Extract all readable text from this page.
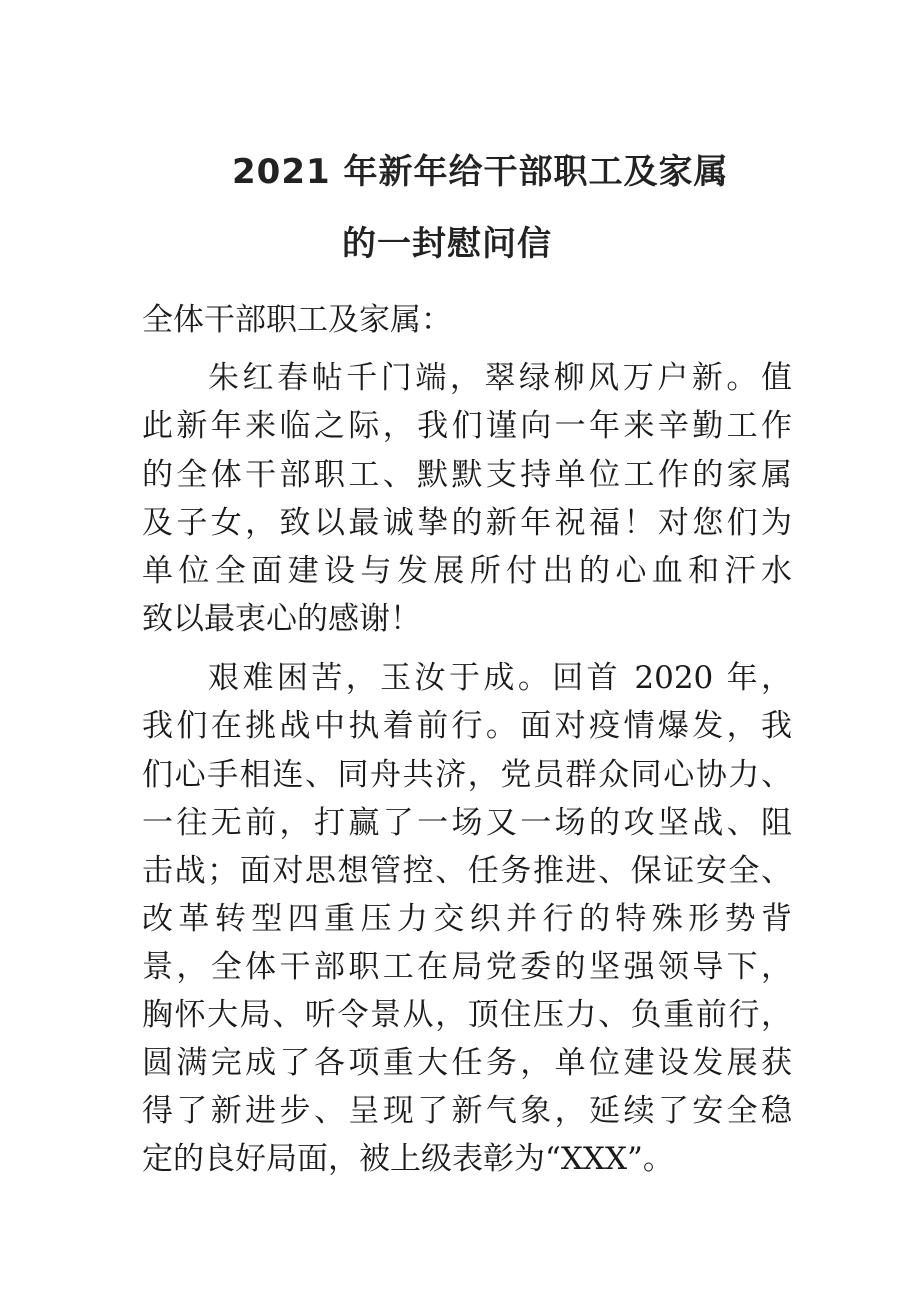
2021 年新年给干部职工及家属
的一封慰问信
全体干部职工及家属：
朱红春帖千门端，翠绿柳风万户新。值
此新年来临之际，我们谨向一年来辛勤工作
的全体干部职工、默默支持单位工作的家属
及子女，致以最诚挚的新年祝福！对您们为
单位全面建设与发展所付出的心血和汗水
致以最衷心的感谢！
艰难困苦，玉汝于成。回首 2020 年，
我们在挑战中执着前行。面对疫情爆发，我
们心手相连、同舟共济，党员群众同心协力、
一往无前，打赢了一场又一场的攻坚战、阻
击战；面对思想管控、任务推进、保证安全、
改革转型四重压力交织并行的特殊形势背
景，全体干部职工在局党委的坚强领导下，
胸怀大局、听令景从，顶住压力、负重前行，
圆满完成了各项重大任务，单位建设发展获
得了新进步、呈现了新气象，延续了安全稳
定的良好局面，被上级表彰为“XXX”。
